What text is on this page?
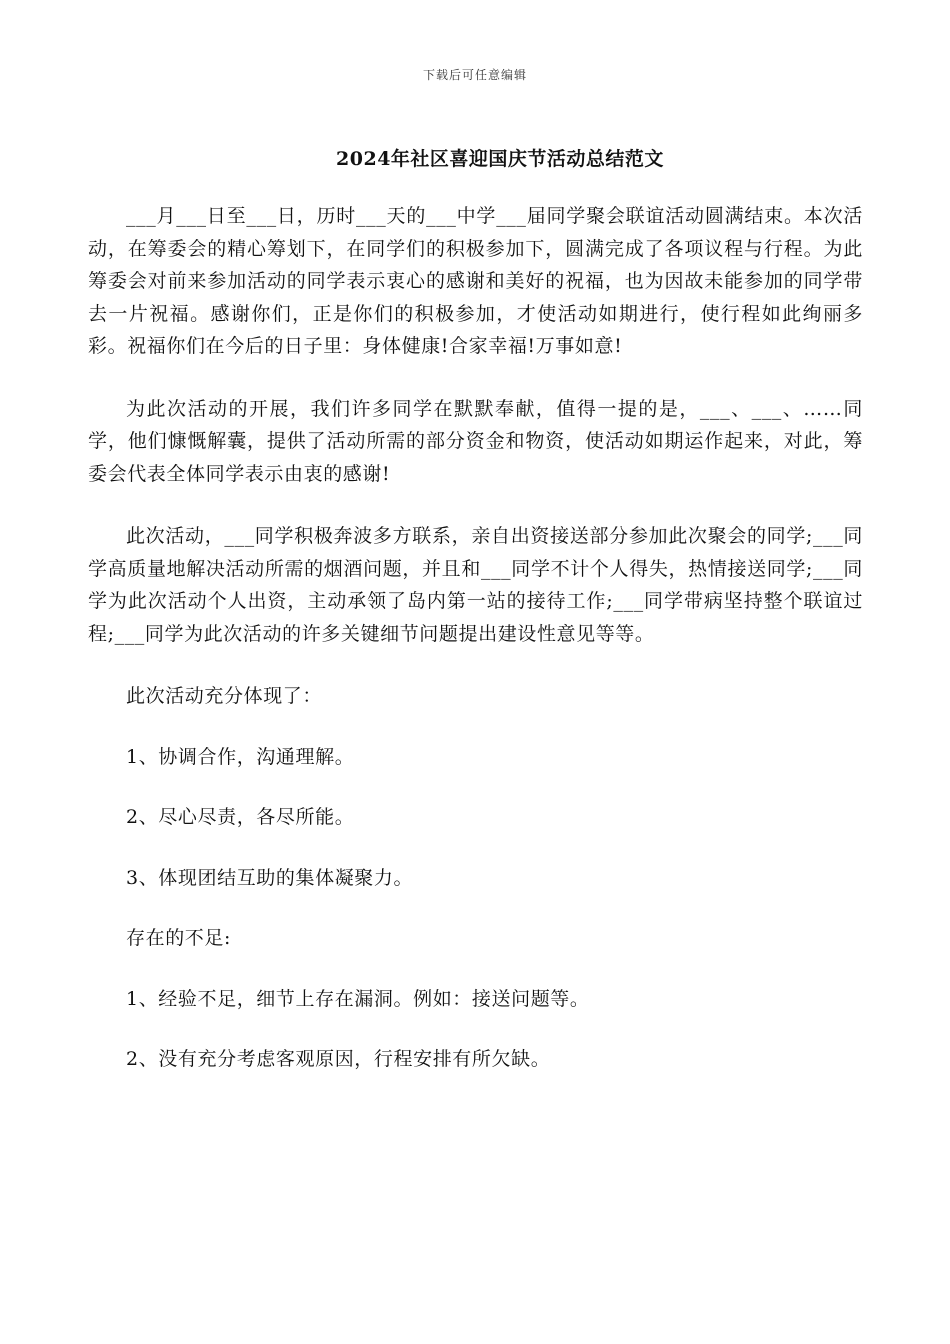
下载后可任意编辑
2024年社区喜迎国庆节活动总结范文

___月___日至___日，历时___天的___中学___届同学聚会联谊活动圆满结束。本次活动，在筹委会的精心筹划下，在同学们的积极参加下，圆满完成了各项议程与行程。为此筹委会对前来参加活动的同学表示衷心的感谢和美好的祝福，也为因故未能参加的同学带去一片祝福。感谢你们，正是你们的积极参加，才使活动如期进行，使行程如此绚丽多彩。祝福你们在今后的日子里：身体健康!合家幸福!万事如意!

为此次活动的开展，我们许多同学在默默奉献，值得一提的是，___、___、……同学，他们慷慨解囊，提供了活动所需的部分资金和物资，使活动如期运作起来，对此，筹委会代表全体同学表示由衷的感谢!

此次活动，___同学积极奔波多方联系，亲自出资接送部分参加此次聚会的同学;___同学高质量地解决活动所需的烟酒问题，并且和___同学不计个人得失，热情接送同学;___同学为此次活动个人出资，主动承领了岛内第一站的接待工作;___同学带病坚持整个联谊过程;___同学为此次活动的许多关键细节问题提出建设性意见等等。

此次活动充分体现了：

1、协调合作，沟通理解。

2、尽心尽责，各尽所能。

3、体现团结互助的集体凝聚力。

存在的不足:

1、经验不足，细节上存在漏洞。例如：接送问题等。

2、没有充分考虑客观原因，行程安排有所欠缺。
